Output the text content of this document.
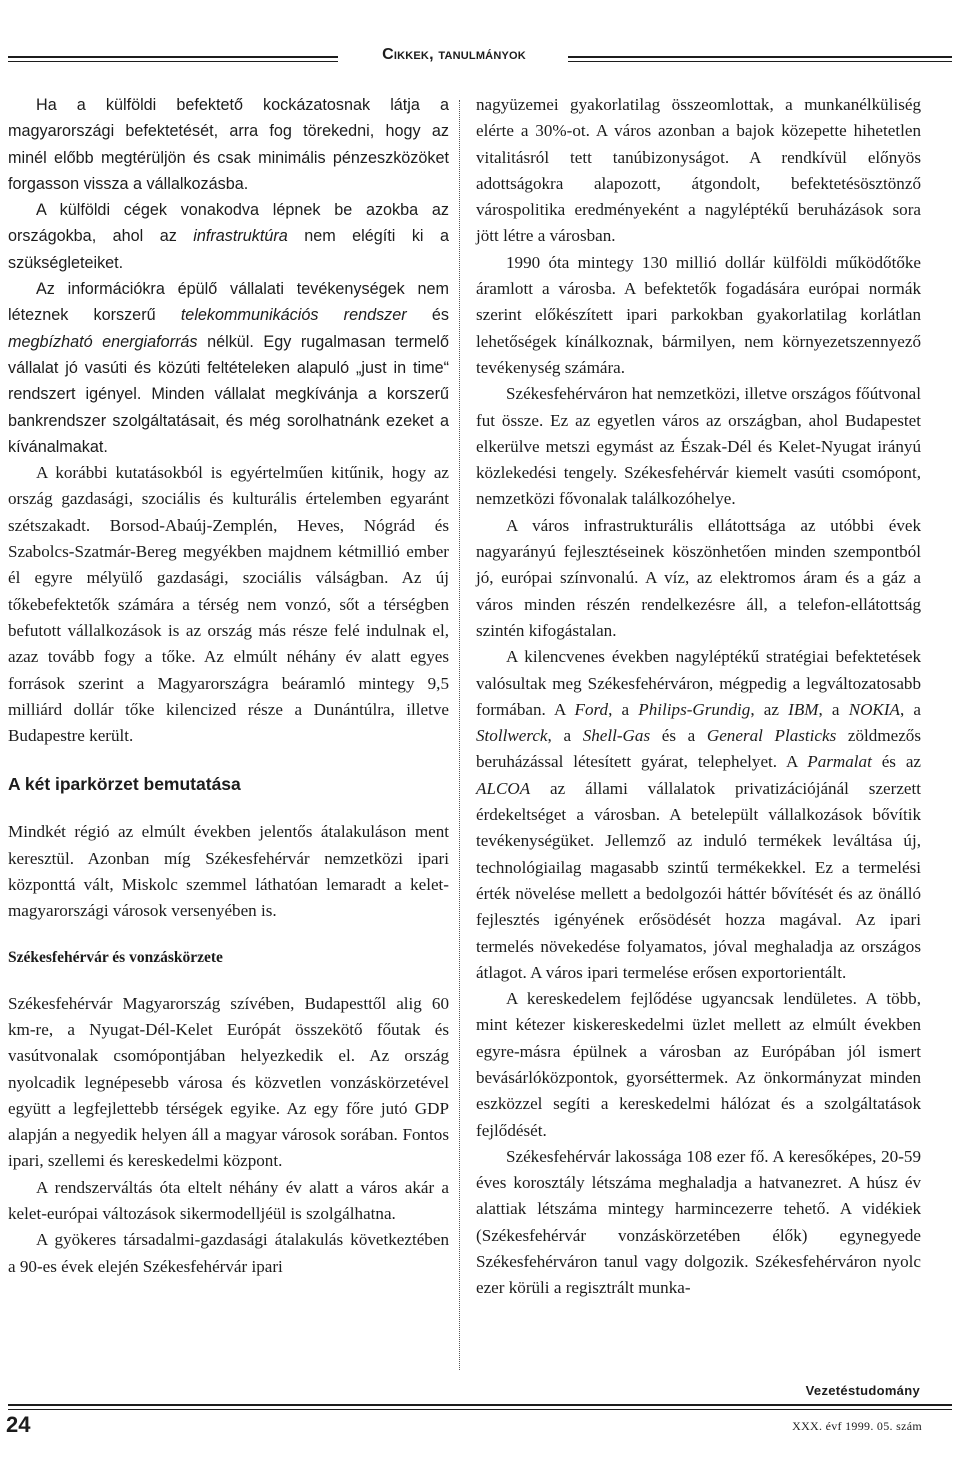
Cikkek, tanulmányok

Ha a külföldi befektető kockázatosnak látja a magyarországi befektetését, arra fog törekedni, hogy az minél előbb megtérüljön és csak minimális pénzeszközöket forgasson vissza a vállalkozásba.

A külföldi cégek vonakodva lépnek be azokba az országokba, ahol az infrastruktúra nem elégíti ki a szükségleteiket.

Az információkra épülő vállalati tevékenységek nem léteznek korszerű telekommunikációs rendszer és megbízható energiaforrás nélkül. Egy rugalmasan termelő vállalat jó vasúti és közúti feltételeken alapuló „just in time“ rendszert igényel. Minden vállalat megkívánja a korszerű bankrendszer szolgáltatásait, és még sorolhatnánk ezeket a kívánalmakat.

A korábbi kutatásokból is egyértelműen kitűnik, hogy az ország gazdasági, szociális és kulturális értelemben egyaránt szétszakadt. Borsod-Abaúj-Zemplén, Heves, Nógrád és Szabolcs-Szatmár-Bereg megyékben majdnem kétmillió ember él egyre mélyülő gazdasági, szociális válságban. Az új tőkebefektetők számára a térség nem vonzó, sőt a térségben befutott vállalkozások is az ország más része felé indulnak el, azaz tovább fogy a tőke. Az elmúlt néhány év alatt egyes források szerint a Magyarországra beáramló mintegy 9,5 milliárd dollár tőke kilencized része a Dunántúlra, illetve Budapestre került.

A két iparkörzet bemutatása

Mindkét régió az elmúlt években jelentős átalakuláson ment keresztül. Azonban míg Székesfehérvár nemzetközi ipari központtá vált, Miskolc szemmel láthatóan lemaradt a kelet-magyarországi városok versenyében is.

Székesfehérvár és vonzáskörzete

Székesfehérvár Magyarország szívében, Budapesttől alig 60 km-re, a Nyugat-Dél-Kelet Európát összekötő főutak és vasútvonalak csomópontjában helyezkedik el. Az ország nyolcadik legnépesebb városa és közvetlen vonzáskörzetével együtt a legfejlettebb térségek egyike. Az egy főre jutó GDP alapján a negyedik helyen áll a magyar városok sorában. Fontos ipari, szellemi és kereskedelmi központ.

A rendszerváltás óta eltelt néhány év alatt a város akár a kelet-európai változások sikermodelljéül is szolgálhatna.

A gyökeres társadalmi-gazdasági átalakulás következtében a 90-es évek elején Székesfehérvár ipari

nagyüzemei gyakorlatilag összeomlottak, a munkanélküliség elérte a 30%-ot. A város azonban a bajok közepette hihetetlen vitalitásról tett tanúbizonyságot. A rendkívül előnyös adottságokra alapozott, átgondolt, befektetésösztönző várospolitika eredményeként a nagyléptékű beruházások sora jött létre a városban.

1990 óta mintegy 130 millió dollár külföldi működőtőke áramlott a városba. A befektetők fogadására európai normák szerint előkészített ipari parkokban gyakorlatilag korlátlan lehetőségek kínálkoznak, bármilyen, nem környezetszennyező tevékenység számára.

Székesfehérváron hat nemzetközi, illetve országos főútvonal fut össze. Ez az egyetlen város az országban, ahol Budapestet elkerülve metszi egymást az Észak-Dél és Kelet-Nyugat irányú közlekedési tengely. Székesfehérvár kiemelt vasúti csomópont, nemzetközi fővonalak találkozóhelye.

A város infrastrukturális ellátottsága az utóbbi évek nagyarányú fejlesztéseinek köszönhetően minden szempontból jó, európai színvonalú. A víz, az elektromos áram és a gáz a város minden részén rendelkezésre áll, a telefon-ellátottság szintén kifogástalan.

A kilencvenes években nagyléptékű stratégiai befektetések valósultak meg Székesfehérváron, mégpedig a legváltozatosabb formában. A Ford, a Philips-Grundig, az IBM, a NOKIA, a Stollwerck, a Shell-Gas és a General Plasticks zöldmezős beruházással létesített gyárat, telephelyet. A Parmalat és az ALCOA az állami vállalatok privatizációjánál szerzett érdekeltséget a városban. A betelepült vállalkozások bővítik tevékenységüket. Jellemző az induló termékek leváltása új, technológiailag magasabb szintű termékekkel. Ez a termelési érték növelése mellett a bedolgozói háttér bővítését és az önálló fejlesztés igényének erősödését hozza magával. Az ipari termelés növekedése folyamatos, jóval meghaladja az országos átlagot. A város ipari termelése erősen exportorientált.

A kereskedelem fejlődése ugyancsak lendületes. A több, mint kétezer kiskereskedelmi üzlet mellett az elmúlt években egyre-másra épülnek a városban az Európában jól ismert bevásárlóközpontok, gyorséttermek. Az önkormányzat minden eszközzel segíti a kereskedelmi hálózat és a szolgáltatások fejlődését.

Székesfehérvár lakossága 108 ezer fő. A keresőképes, 20-59 éves korosztály létszáma meghaladja a hatvanezret. A húsz év alattiak létszáma mintegy harmincezerre tehető. A vidékiek (Székesfehérvár vonzáskörzetében élők) egynegyede Székesfehérváron tanul vagy dolgozik. Székesfehérváron nyolc ezer körüli a regisztrált munka-

Vezetéstudomány
24	XXX. évf 1999. 05. szám
